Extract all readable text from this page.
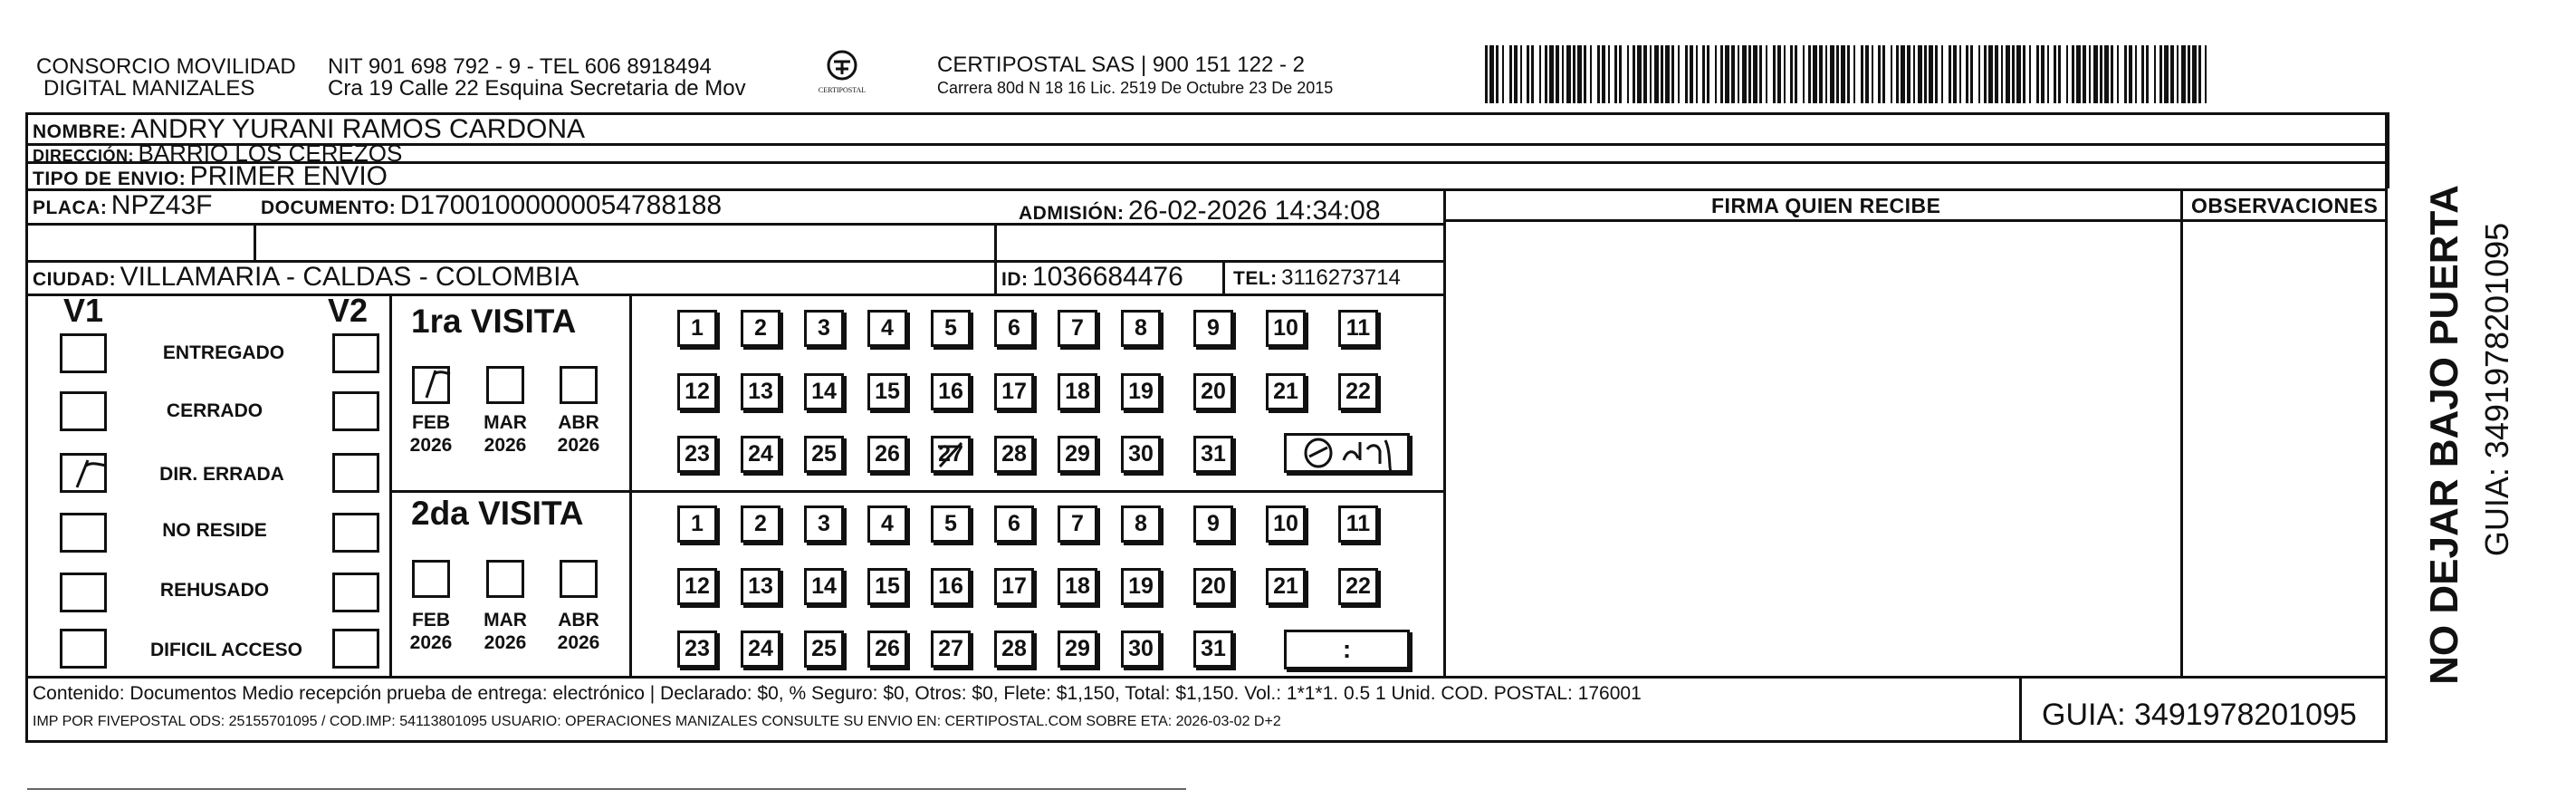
CONSORCIO MOVILIDAD
DIGITAL MANIZALES
NIT 901 698 792 - 9 - TEL 606 8918494
Cra 19 Calle 22 Esquina Secretaria de Mov	CERTIPOSTAL
CERTIPOSTAL SAS | 900 151 122 - 2
Carrera 80d N 18 16 Lic. 2519 De Octubre 23 De 2015
NOMBRE: ANDRY YURANI RAMOS CARDONA
DIRECCIÓN: BARRIO LOS CEREZOS
TIPO DE ENVIO: PRIMER ENVIO
PLACA: NPZ43F	DOCUMENTO: D17001000000054788188	ADMISIÓN: 26-02-2026 14:34:08
CIUDAD: VILLAMARIA - CALDAS - COLOMBIA	ID: 1036684476	TEL: 3116273714
FIRMA QUIEN RECIBE	OBSERVACIONES
V1	V2
ENTREGADO
CERRADO
DIR. ERRADA
NO RESIDE
REHUSADO
DIFICIL ACCESO
1ra VISITA
FEB
2026
MAR
2026
ABR
2026
2da VISITA
FEB
2026
MAR
2026
ABR
2026
1 2 3 4 5 6 7 8	9 10 11
12 13 14 15 16 17 18 19 20 21 22
23 24 25 26 27 28 29 30 31
1 2 3 4 5 6 7 8	9 10 11
12 13 14 15 16 17 18 19 20 21 22
23 24 25 26 27 28 29 30 31	:
Contenido: Documentos Medio recepción prueba de entrega: electrónico | Declarado: $0, % Seguro: $0, Otros: $0, Flete: $1,150, Total: $1,150. Vol.: 1*1*1. 0.5 1 Unid. COD. POSTAL: 176001
IMP POR FIVEPOSTAL ODS: 25155701095 / COD.IMP: 54113801095 USUARIO: OPERACIONES MANIZALES CONSULTE SU ENVIO EN: CERTIPOSTAL.COM SOBRE ETA: 2026-03-02 D+2	GUIA: 3491978201095
NO DEJAR BAJO PUERTA GUIA: 3491978201095
